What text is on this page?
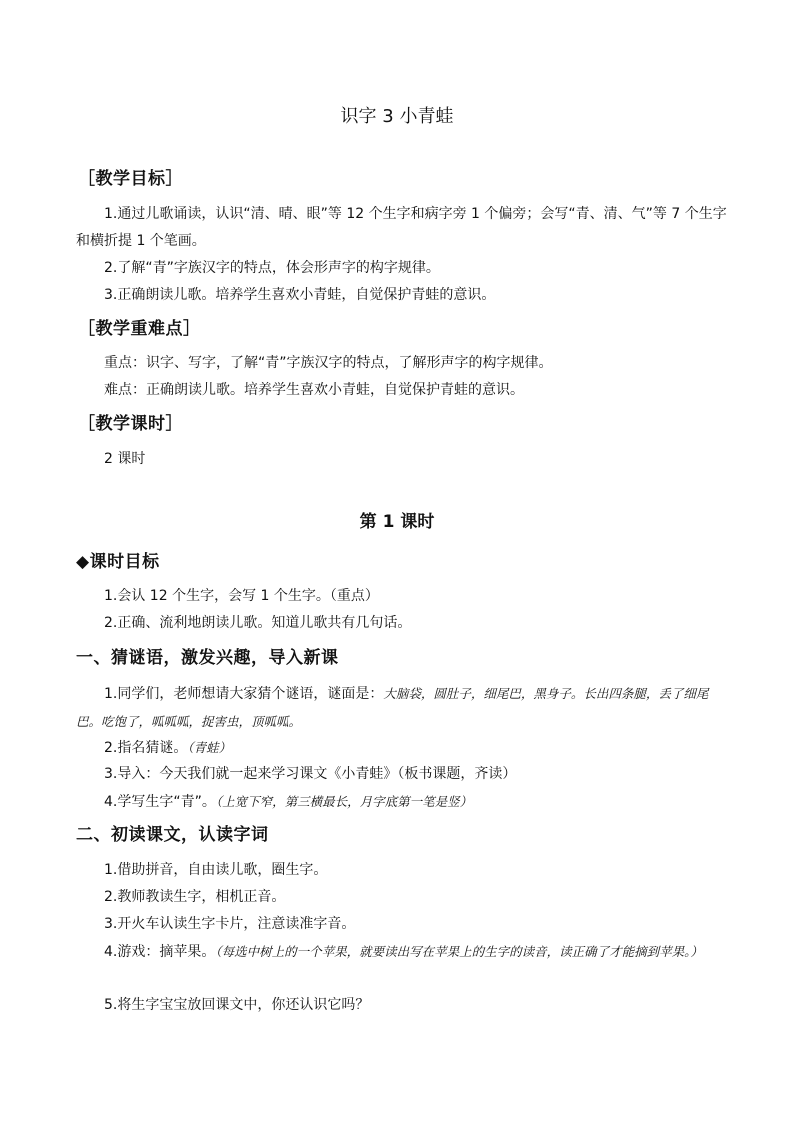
识字 3 小青蛙
［教学目标］
1.通过儿歌诵读，认识“清、晴、眼”等 12 个生字和病字旁 1 个偏旁；会写“青、清、气”等 7 个生字和横折提 1 个笔画。
2.了解“青”字族汉字的特点，体会形声字的构字规律。
3.正确朗读儿歌。培养学生喜欢小青蛙，自觉保护青蛙的意识。
［教学重难点］
重点：识字、写字，了解“青”字族汉字的特点，了解形声字的构字规律。
难点：正确朗读儿歌。培养学生喜欢小青蛙，自觉保护青蛙的意识。
［教学课时］
2 课时
第 1 课时
◆课时目标
1.会认 12 个生字，会写 1 个生字。（重点）
2.正确、流利地朗读儿歌。知道儿歌共有几句话。
一、猜谜语，激发兴趣，导入新课
1.同学们，老师想请大家猜个谜语，谜面是：大脑袋，圆肚子，细尾巴，黑身子。长出四条腿，丢了细尾巴。吃饱了，呱呱呱，捉害虫，顶呱呱。
2.指名猜谜。（青蛙）
3.导入：今天我们就一起来学习课文《小青蛙》（板书课题，齐读）
4.学写生字“青”。（上宽下窄，第三横最长，月字底第一笔是竖）
二、初读课文，认读字词
1.借助拼音，自由读儿歌，圈生字。
2.教师教读生字，相机正音。
3.开火车认读生字卡片，注意读准字音。
4.游戏：摘苹果。（每选中树上的一个苹果，就要读出写在苹果上的生字的读音，读正确了才能摘到苹果。）
5.将生字宝宝放回课文中，你还认识它吗？
